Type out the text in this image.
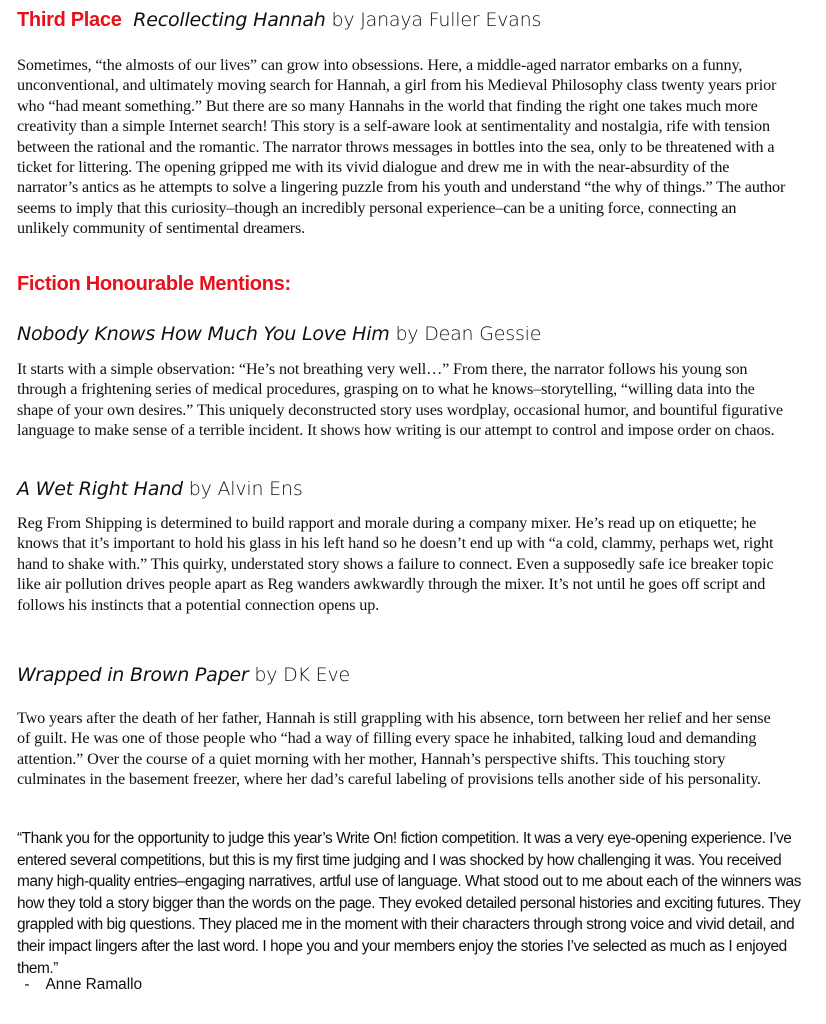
Third Place Recollecting Hannah by Janaya Fuller Evans

Sometimes, “the almosts of our lives” can grow into obsessions. Here, a middle-aged narrator embarks on a funny, unconventional, and ultimately moving search for Hannah, a girl from his Medieval Philosophy class twenty years prior who “had meant something.” But there are so many Hannahs in the world that finding the right one takes much more creativity than a simple Internet search! This story is a self-aware look at sentimentality and nostalgia, rife with tension between the rational and the romantic. The narrator throws messages in bottles into the sea, only to be threatened with a ticket for littering. The opening gripped me with its vivid dialogue and drew me in with the near-absurdity of the narrator’s antics as he attempts to solve a lingering puzzle from his youth and understand “the why of things.” The author seems to imply that this curiosity–though an incredibly personal experience–can be a uniting force, connecting an unlikely community of sentimental dreamers.

Fiction Honourable Mentions:
Nobody Knows How Much You Love Him by Dean Gessie

It starts with a simple observation: “He’s not breathing very well…” From there, the narrator follows his young son through a frightening series of medical procedures, grasping on to what he knows–storytelling, “willing data into the shape of your own desires.” This uniquely deconstructed story uses wordplay, occasional humor, and bountiful figurative language to make sense of a terrible incident. It shows how writing is our attempt to control and impose order on chaos.

A Wet Right Hand by Alvin Ens

Reg From Shipping is determined to build rapport and morale during a company mixer. He’s read up on etiquette; he knows that it’s important to hold his glass in his left hand so he doesn’t end up with “a cold, clammy, perhaps wet, right hand to shake with.” This quirky, understated story shows a failure to connect. Even a supposedly safe ice breaker topic like air pollution drives people apart as Reg wanders awkwardly through the mixer. It’s not until he goes off script and follows his instincts that a potential connection opens up.

Wrapped in Brown Paper by DK Eve

Two years after the death of her father, Hannah is still grappling with his absence, torn between her relief and her sense of guilt. He was one of those people who “had a way of filling every space he inhabited, talking loud and demanding attention.” Over the course of a quiet morning with her mother, Hannah’s perspective shifts. This touching story culminates in the basement freezer, where her dad’s careful labeling of provisions tells another side of his personality.

“Thank you for the opportunity to judge this year’s Write On! fiction competition. It was a very eye-opening experience. I’ve entered several competitions, but this is my first time judging and I was shocked by how challenging it was. You received many high-quality entries–engaging narratives, artful use of language. What stood out to me about each of the winners was how they told a story bigger than the words on the page. They evoked detailed personal histories and exciting futures. They grappled with big questions. They placed me in the moment with their characters through strong voice and vivid detail, and their impact lingers after the last word. I hope you and your members enjoy the stories I’ve selected as much as I enjoyed them.”

- Anne Ramallo
